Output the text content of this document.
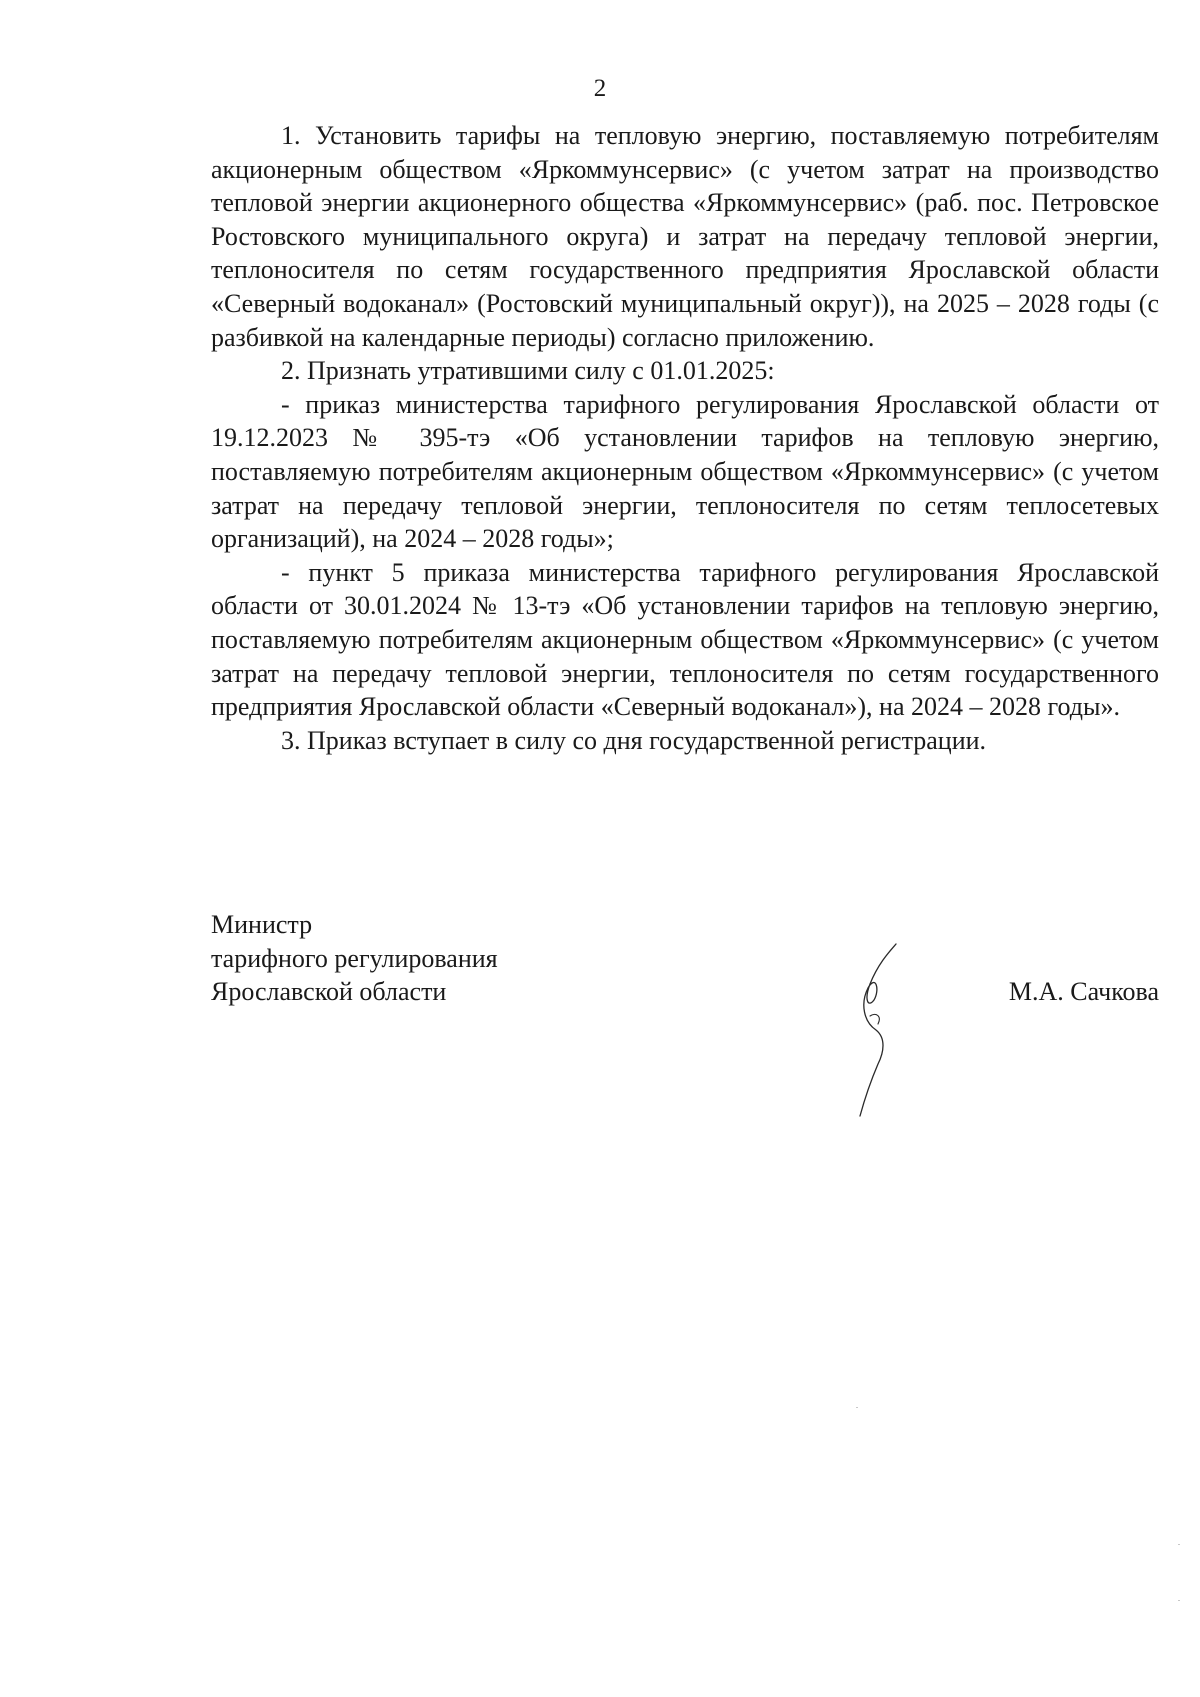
2

1. Установить тарифы на тепловую энергию, поставляемую потребителям акционерным обществом «Яркоммунсервис» (с учетом затрат на производство тепловой энергии акционерного общества «Яркоммунсервис» (раб. пос. Петровское Ростовского муниципального округа) и затрат на передачу тепловой энергии, теплоносителя по сетям государственного предприятия Ярославской области «Северный водоканал» (Ростовский муниципальный округ)), на 2025 – 2028 годы (с разбивкой на календарные периоды) согласно приложению.

2. Признать утратившими силу с 01.01.2025:

- приказ министерства тарифного регулирования Ярославской области от 19.12.2023 № 395-тэ «Об установлении тарифов на тепловую энергию, поставляемую потребителям акционерным обществом «Яркоммунсервис» (с учетом затрат на передачу тепловой энергии, теплоносителя по сетям теплосетевых организаций), на 2024 – 2028 годы»;

- пункт 5 приказа министерства тарифного регулирования Ярославской области от 30.01.2024 № 13-тэ «Об установлении тарифов на тепловую энергию, поставляемую потребителям акционерным обществом «Яркоммунсервис» (с учетом затрат на передачу тепловой энергии, теплоносителя по сетям государственного предприятия Ярославской области «Северный водоканал»), на 2024 – 2028 годы».

3. Приказ вступает в силу со дня государственной регистрации.

Министр
тарифного регулирования
Ярославской области	М.А. Сачкова
